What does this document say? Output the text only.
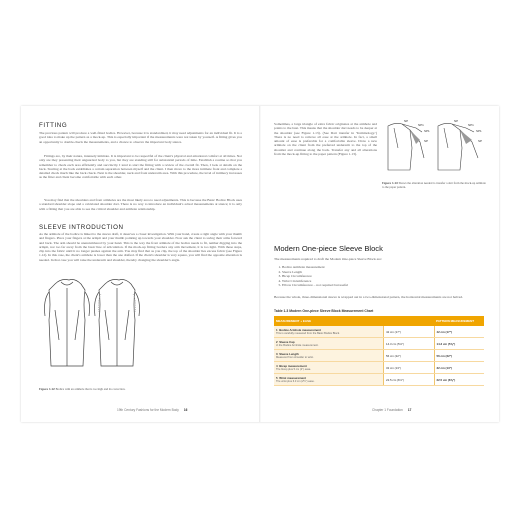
FITTING

The previous pattern will produce a well-fitted bodice. However, because it is standardized, it may need adjustments for an individual fit. It is a good idea to make up the pattern as a mock-up. This is especially important if the measurements were not taken by yourself. A fitting gives you an opportunity to double-check the measurements, and a chance to observe the important body stance.

Fittings are, by their nature, intensely intimate. It is important to be respectful of the client's physical and emotional comfort at all times. Not only are they presenting their unguarded body to you, but they are standing still for substantial periods of time. Establish a routine so that you remember to check each area efficiently and succinctly. I tend to start the fitting with a review of the overall fit. Then, I look at details on the back. Starting at the back establishes a certain separation between myself and the client. I then move to the more intimate front and complete a detailed check much like the back check. Next is the shoulder, neck and front underarm area. With this procedure, the level of intimacy increases as the fitter and client become comfortable with each other.

You may find that the shoulders and front armholes are the most likely area to need adjustments. This is because the Basic Bodice Block uses a standard shoulder slope and a calculated shoulder dart. There is no way to introduce an individual's actual measurements at stance; it is only with a fitting that you are able to see the critical shoulder and armhole relationship.

SLEEVE INTRODUCTION

As the armhole of the bodice is linked to the sleeve draft, it deserves a closer investigation. With your hand, create a right angle with your thumb and fingers. Place your fingers at the armpit and your thumb pointing up towards your shoulder. Now ask the client to swing their arms forward and back. The arm should be unencumbered by your hand. This is the way the front armhole of the bodice needs to fit, neither digging into the armpit, nor too far away from the basic line of articulation. If the mock-up fitting borders any arm movement, it is too tight. With these steps, clip into the fabric until it no longer pushes against the arm. You may find that as you clip, the top of the shoulder lies excess fabric (see Figure 1.12). In this case, the client's armhole is lower than the one drafted. If the client's shoulder is very square, you will find the opposite alteration is needed. In that case you will raise the underarm and shoulder, thereby changing the shoulder's angle.

Figure 1.12 Bodice with an armhole that is too high and its correction.
19th Century Fashions for the Modern Body 16

Sometimes, a large triangle of extra fabric originates at the armhole and points to the bust. This means that the shoulder dart needs to be deeper at the shoulder (see Figure 1.13). (See Dart transfer in 'Terminology.') There is no need to remove all ease at the armhole. In fact, a small amount of ease is preferable for a comfortable sleeve. Draw a new armhole on the client from the preferred underarm to the top of the shoulder and continue along the back. Transfer any and all alterations from the mock-up fitting to the paper pattern (Figure 1.13).

NP1
SP1
NP
SP
NP1
SP1
NP
SP
Figure 1.13 Shows the alteration needed to transfer a dart from the mock-up armhole to the paper pattern.
Modern One-piece Sleeve Block

The measurements required to draft the Modern One-piece Sleeve Block are:

1. Bodice Armhole measurement
2. Sleeve Length
3. Bicep Circumference
4. Wrist Circumference
5. Elbow Circumference – not required but useful

Because the whole, three-dimensional sleeve is wrapped out in a two-dimensional pattern, the horizontal measurements are not halved.

Table 1.3 Modern One-piece Sleeve Block Measurement Chart
MEASUREMENT + EASE		PATTERN MEASUREMENT

1 Bodice Armhole measurement
This is carefully measured from the Basic Bodice Block.	42 cm (17")	42 cm (17")

2 Sleeve Cap
⅓ the Bodice Armhole measurement.	14.3 cm (5⅝")	14.3 cm (5⅝")

3 Sleeve Length
Measured from shoulder to wrist.	56 cm (22")	56 cm (22")

4 Bicep measurement
The bicep plus 5 cm (2") ease.	32 cm (13")	32 cm (13")

5 Wrist measurement
The wrist plus 6.3 cm (2½") ease.	22.5 cm (8⅞")	22.5 cm (8⅞")
Chapter 1 Foundation 17
